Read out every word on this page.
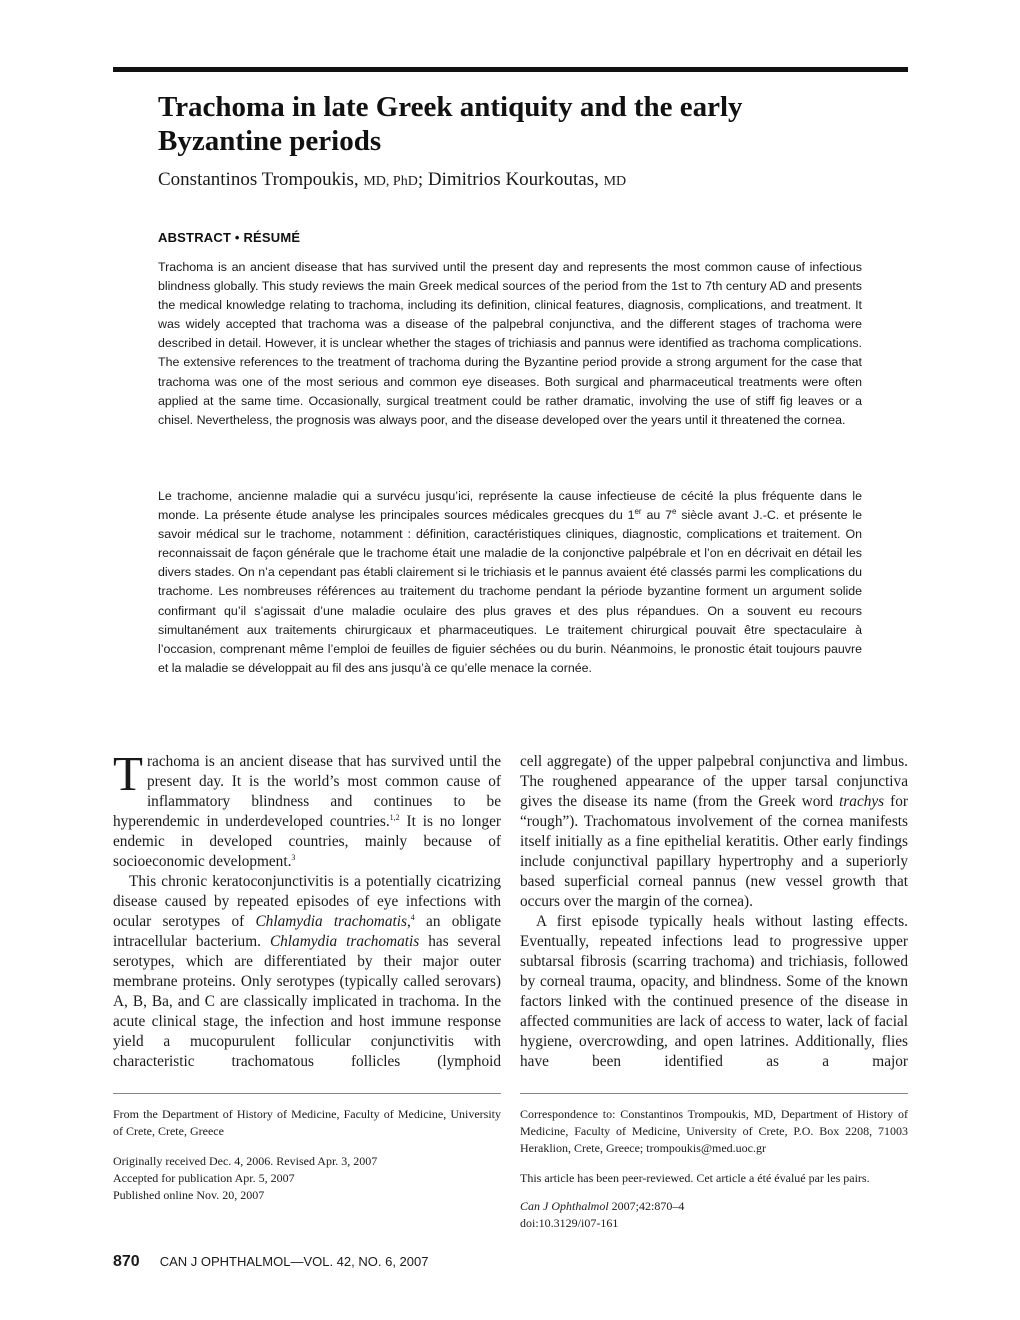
Trachoma in late Greek antiquity and the early Byzantine periods

Constantinos Trompoukis, MD, PhD; Dimitrios Kourkoutas, MD

ABSTRACT • RÉSUMÉ

Trachoma is an ancient disease that has survived until the present day and represents the most common cause of infectious blindness globally. This study reviews the main Greek medical sources of the period from the 1st to 7th century AD and presents the medical knowledge relating to trachoma, including its definition, clinical features, diagnosis, complications, and treatment. It was widely accepted that trachoma was a disease of the palpebral conjunctiva, and the different stages of trachoma were described in detail. However, it is unclear whether the stages of trichiasis and pannus were identified as trachoma complications. The extensive references to the treatment of trachoma during the Byzantine period provide a strong argument for the case that trachoma was one of the most serious and common eye diseases. Both surgical and pharmaceutical treatments were often applied at the same time. Occasionally, surgical treatment could be rather dramatic, involving the use of stiff fig leaves or a chisel. Nevertheless, the prognosis was always poor, and the disease developed over the years until it threatened the cornea.

Le trachome, ancienne maladie qui a survécu jusqu’ici, représente la cause infectieuse de cécité la plus fréquente dans le monde. La présente étude analyse les principales sources médicales grecques du 1er au 7e siècle avant J.-C. et présente le savoir médical sur le trachome, notamment : définition, caractéristiques cliniques, diagnostic, complications et traitement. On reconnaissait de façon générale que le trachome était une maladie de la conjonctive palpébrale et l’on en décrivait en détail les divers stades. On n’a cependant pas établi clairement si le trichiasis et le pannus avaient été classés parmi les complications du trachome. Les nombreuses références au traitement du trachome pendant la période byzantine forment un argument solide confirmant qu’il s’agissait d’une maladie oculaire des plus graves et des plus répandues. On a souvent eu recours simultanément aux traitements chirurgicaux et pharmaceutiques. Le traitement chirurgical pouvait être spectaculaire à l’occasion, comprenant même l’emploi de feuilles de figuier séchées ou du burin. Néanmoins, le pronostic était toujours pauvre et la maladie se développait au fil des ans jusqu’à ce qu’elle menace la cornée.

Trachoma is an ancient disease that has survived until the present day. It is the world’s most common cause of inflammatory blindness and continues to be hyperendemic in underdeveloped countries.$^{1,2}$ It is no longer endemic in developed countries, mainly because of socioeconomic development.$^3$

This chronic keratoconjunctivitis is a potentially cicatrizing disease caused by repeated episodes of eye infections with ocular serotypes of Chlamydia trachomatis,$^4$ an obligate intracellular bacterium. Chlamydia trachomatis has several serotypes, which are differentiated by their major outer membrane proteins. Only serotypes (typically called serovars) A, B, Ba, and C are classically implicated in trachoma. In the acute clinical stage, the infection and host immune response yield a mucopurulent follicular conjunctivitis with characteristic trachomatous follicles (lymphoid

cell aggregate) of the upper palpebral conjunctiva and limbus. The roughened appearance of the upper tarsal conjunctiva gives the disease its name (from the Greek word trachys for “rough”). Trachomatous involvement of the cornea manifests itself initially as a fine epithelial keratitis. Other early findings include conjunctival papillary hypertrophy and a superiorly based superficial corneal pannus (new vessel growth that occurs over the margin of the cornea).

A first episode typically heals without lasting effects. Eventually, repeated infections lead to progressive upper subtarsal fibrosis (scarring trachoma) and trichiasis, followed by corneal trauma, opacity, and blindness. Some of the known factors linked with the continued presence of the disease in affected communities are lack of access to water, lack of facial hygiene, overcrowding, and open latrines. Additionally, flies have been identified as a major

From the Department of History of Medicine, Faculty of Medicine, University of Crete, Crete, Greece

Originally received Dec. 4, 2006. Revised Apr. 3, 2007
Accepted for publication Apr. 5, 2007
Published online Nov. 20, 2007

Correspondence to: Constantinos Trompoukis, MD, Department of History of Medicine, Faculty of Medicine, University of Crete, P.O. Box 2208, 71003 Heraklion, Crete, Greece; trompoukis@med.uoc.gr

This article has been peer-reviewed. Cet article a été évalué par les pairs.

Can J Ophthalmol 2007;42:870–4
doi:10.3129/i07-161

870 CAN J OPHTHALMOL—VOL. 42, NO. 6, 2007
